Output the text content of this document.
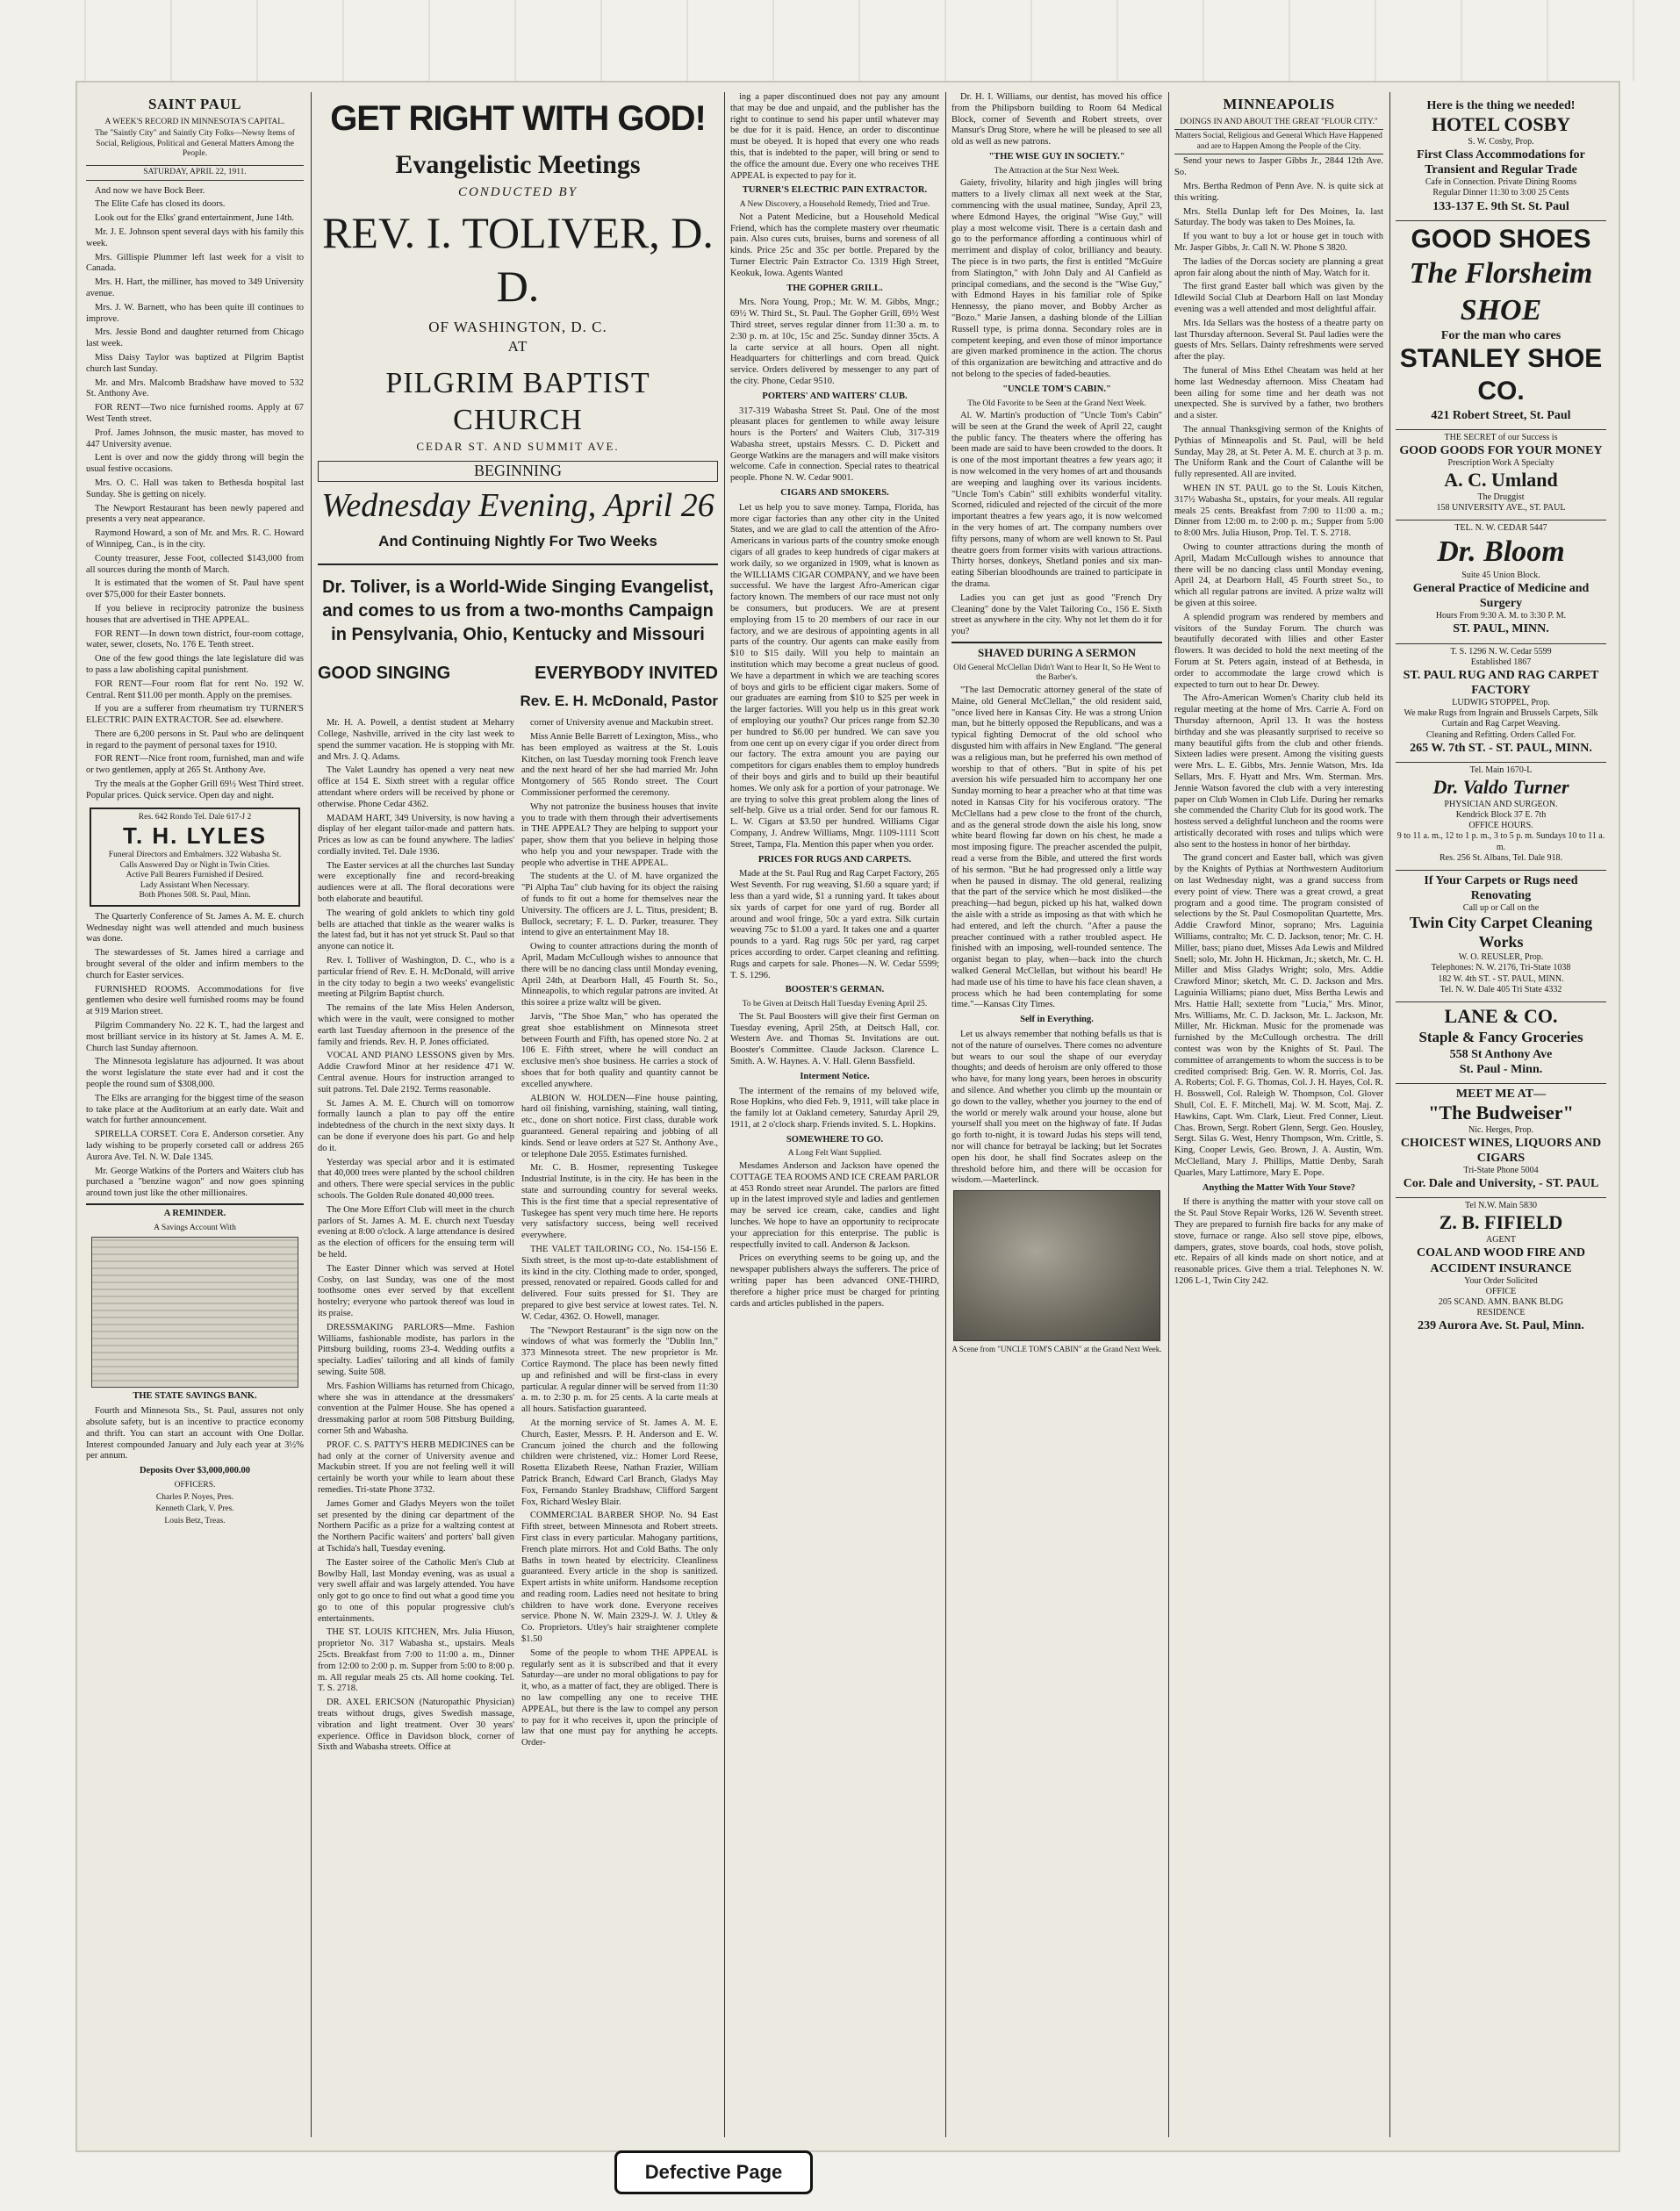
SAINT PAUL
A WEEK'S RECORD IN MINNESOTA'S CAPITAL.
The "Saintly City" and Saintly City Folks—Newsy Items of Social, Religious, Political and General Matters Among the People.
SATURDAY, APRIL 22, 1911.

And now we have Bock Beer.

The Elite Cafe has closed its doors.

Look out for the Elks' grand entertainment, June 14th.

Mr. J. E. Johnson spent several days with his family this week.

Mrs. Gillispie Plummer left last week for a visit to Canada.

Mrs. H. Hart, the milliner, has moved to 349 University avenue.

Mrs. J. W. Barnett, who has been quite ill continues to improve.

Mrs. Jessie Bond and daughter returned from Chicago last week.

Miss Daisy Taylor was baptized at Pilgrim Baptist church last Sunday.

Mr. and Mrs. Malcomb Bradshaw have moved to 532 St. Anthony Ave.

FOR RENT—Two nice furnished rooms. Apply at 67 West Tenth street.

Prof. James Johnson, the music master, has moved to 447 University avenue.

Lent is over and now the giddy throng will begin the usual festive occasions.

Mrs. O. C. Hall was taken to Bethesda hospital last Sunday. She is getting on nicely.

The Newport Restaurant has been newly papered and presents a very neat appearance.

Raymond Howard, a son of Mr. and Mrs. R. C. Howard of Winnipeg, Can., is in the city.

County treasurer, Jesse Foot, collected $143,000 from all sources during the month of March.

It is estimated that the women of St. Paul have spent over $75,000 for their Easter bonnets.

If you believe in reciprocity patronize the business houses that are advertised in THE APPEAL.

FOR RENT—In down town district, four-room cottage, water, sewer, closets, No. 176 E. Tenth street.

One of the few good things the late legislature did was to pass a law abolishing capital punishment.

FOR RENT—Four room flat for rent No. 192 W. Central. Rent $11.00 per month. Apply on the premises.

If you are a sufferer from rheumatism try TURNER'S ELECTRIC PAIN EXTRACTOR. See ad. elsewhere.

There are 6,200 persons in St. Paul who are delinquent in regard to the payment of personal taxes for 1910.

FOR RENT—Nice front room, furnished, man and wife or two gentlemen, apply at 265 St. Anthony Ave.

Try the meals at the Gopher Grill 69½ West Third street. Popular prices. Quick service. Open day and night.

Res. 642 Rondo Tel. Dale 617-J 2
T. H. LYLES
Funeral Directors and Embalmers. 322 Wabasha St.
Calls Answered Day or Night in Twin Cities.
Active Pall Bearers Furnished if Desired.
Lady Assistant When Necessary.
Both Phones 508. St. Paul, Minn.

The Quarterly Conference of St. James A. M. E. church Wednesday night was well attended and much business was done.

The stewardesses of St. James hired a carriage and brought several of the older and infirm members to the church for Easter services.

FURNISHED ROOMS. Accommodations for five gentlemen who desire well furnished rooms may be found at 919 Marion street.

Pilgrim Commandery No. 22 K. T., had the largest and most brilliant service in its history at St. James A. M. E. Church last Sunday afternoon.

The Minnesota legislature has adjourned. It was about the worst legislature the state ever had and it cost the people the round sum of $308,000.

The Elks are arranging for the biggest time of the season to take place at the Auditorium at an early date. Wait and watch for further announcement.

SPIRELLA CORSET. Cora E. Anderson corsetier. Any lady wishing to be properly corseted call or address 265 Aurora Ave. Tel. N. W. Dale 1345.

Mr. George Watkins of the Porters and Waiters club has purchased a "benzine wagon" and now goes spinning around town just like the other millionaires.

A REMINDER.
A Savings Account With
THE STATE SAVINGS BANK.

Fourth and Minnesota Sts., St. Paul, assures not only absolute safety, but is an incentive to practice economy and thrift. You can start an account with One Dollar. Interest compounded January and July each year at 3½% per annum.

Deposits Over $3,000,000.00
OFFICERS.
Charles P. Noyes, Pres.
Kenneth Clark, V. Pres.
Louis Betz, Treas.
GET RIGHT WITH GOD!
Evangelistic Meetings
CONDUCTED BY
REV. I. TOLIVER, D. D.
OF WASHINGTON, D. C.
AT
PILGRIM BAPTIST CHURCH
CEDAR ST. AND SUMMIT AVE.
BEGINNING
Wednesday Evening, April 26
And Continuing Nightly For Two Weeks
Dr. Toliver, is a World-Wide Singing Evangelist, and comes to us from a two-months Campaign in Pensylvania, Ohio, Kentucky and Missouri
GOOD SINGING	EVERYBODY INVITED
Rev. E. H. McDonald, Pastor

Mr. H. A. Powell, a dentist student at Meharry College, Nashville, arrived in the city last week to spend the summer vacation. He is stopping with Mr. and Mrs. J. Q. Adams.

The Valet Laundry has opened a very neat new office at 154 E. Sixth street with a regular office attendant where orders will be received by phone or otherwise. Phone Cedar 4362.

MADAM HART, 349 University, is now having a display of her elegant tailor-made and pattern hats. Prices as low as can be found anywhere. The ladies' cordially invited. Tel. Dale 1936.

The Easter services at all the churches last Sunday were exceptionally fine and record-breaking audiences were at all. The floral decorations were both elaborate and beautiful.

The wearing of gold anklets to which tiny gold bells are attached that tinkle as the wearer walks is the latest fad, but it has not yet struck St. Paul so that anyone can notice it.

Rev. I. Tolliver of Washington, D. C., who is a particular friend of Rev. E. H. McDonald, will arrive in the city today to begin a two weeks' evangelistic meeting at Pilgrim Baptist church.

The remains of the late Miss Helen Anderson, which were in the vault, were consigned to mother earth last Tuesday afternoon in the presence of the family and friends. Rev. H. P. Jones officiated.

VOCAL AND PIANO LESSONS given by Mrs. Addie Crawford Minor at her residence 471 W. Central avenue. Hours for instruction arranged to suit patrons. Tel. Dale 2192. Terms reasonable.

St. James A. M. E. Church will on tomorrow formally launch a plan to pay off the entire indebtedness of the church in the next sixty days. It can be done if everyone does his part. Go and help do it.

Yesterday was special arbor and it is estimated that 40,000 trees were planted by the school children and others. There were special services in the public schools. The Golden Rule donated 40,000 trees.

The One More Effort Club will meet in the church parlors of St. James A. M. E. church next Tuesday evening at 8:00 o'clock. A large attendance is desired as the election of officers for the ensuing term will be held.

The Easter Dinner which was served at Hotel Cosby, on last Sunday, was one of the most toothsome ones ever served by that excellent hostelry; everyone who partook thereof was loud in its praise.

DRESSMAKING PARLORS—Mme. Fashion Williams, fashionable modiste, has parlors in the Pittsburg building, rooms 23-4. Wedding outfits a specialty. Ladies' tailoring and all kinds of family sewing. Suite 508.

Mrs. Fashion Williams has returned from Chicago, where she was in attendance at the dressmakers' convention at the Palmer House. She has opened a dressmaking parlor at room 508 Pittsburg Building, corner 5th and Wabasha.

PROF. C. S. PATTY'S HERB MEDICINES can be had only at the corner of University avenue and Mackubin street. If you are not feeling well it will certainly be worth your while to learn about these remedies. Tri-state Phone 3732.

James Gomer and Gladys Meyers won the toilet set presented by the dining car department of the Northern Pacific as a prize for a waltzing contest at the Northern Pacific waiters' and porters' ball given at Tschida's hall, Tuesday evening.

The Easter soiree of the Catholic Men's Club at Bowlby Hall, last Monday evening, was as usual a very swell affair and was largely attended. You have only got to go once to find out what a good time you go to one of this popular progressive club's entertainments.

THE ST. LOUIS KITCHEN, Mrs. Julia Hiuson, proprietor No. 317 Wabasha st., upstairs. Meals 25cts. Breakfast from 7:00 to 11:00 a. m., Dinner from 12:00 to 2:00 p. m. Supper from 5:00 to 8:00 p. m. All regular meals 25 cts. All home cooking. Tel. T. S. 2718.

DR. AXEL ERICSON (Naturopathic Physician) treats without drugs, gives Swedish massage, vibration and light treatment. Over 30 years' experience. Office in Davidson block, corner of Sixth and Wabasha streets. Office at

corner of University avenue and Mackubin street.

Miss Annie Belle Barrett of Lexington, Miss., who has been employed as waitress at the St. Louis Kitchen, on last Tuesday morning took French leave and the next heard of her she had married Mr. John Montgomery of 565 Rondo street. The Court Commissioner performed the ceremony.

Why not patronize the business houses that invite you to trade with them through their advertisements in THE APPEAL? They are helping to support your paper, show them that you believe in helping those who help you and your newspaper. Trade with the people who advertise in THE APPEAL.

The students at the U. of M. have organized the "Pi Alpha Tau" club having for its object the raising of funds to fit out a home for themselves near the University. The officers are J. L. Titus, president; B. Bullock, secretary; F. L. D. Parker, treasurer. They intend to give an entertainment May 18.

Owing to counter attractions during the month of April, Madam McCullough wishes to announce that there will be no dancing class until Monday evening, April 24th, at Dearborn Hall, 45 Fourth St. So., Minneapolis, to which regular patrons are invited. At this soiree a prize waltz will be given.

Jarvis, "The Shoe Man," who has operated the great shoe establishment on Minnesota street between Fourth and Fifth, has opened store No. 2 at 106 E. Fifth street, where he will conduct an exclusive men's shoe business. He carries a stock of shoes that for both quality and quantity cannot be excelled anywhere.

ALBION W. HOLDEN—Fine house painting, hard oil finishing, varnishing, staining, wall tinting, etc., done on short notice. First class, durable work guaranteed. General repairing and jobbing of all kinds. Send or leave orders at 527 St. Anthony Ave., or telephone Dale 2055. Estimates furnished.

Mr. C. B. Hosmer, representing Tuskegee Industrial Institute, is in the city. He has been in the state and surrounding country for several weeks. This is the first time that a special representative of Tuskegee has spent very much time here. He reports very satisfactory success, being well received everywhere.

THE VALET TAILORING CO., No. 154-156 E. Sixth street, is the most up-to-date establishment of its kind in the city. Clothing made to order, sponged, pressed, renovated or repaired. Goods called for and delivered. Four suits pressed for $1. They are prepared to give best service at lowest rates. Tel. N. W. Cedar, 4362. O. Howell, manager.

The "Newport Restaurant" is the sign now on the windows of what was formerly the "Dublin Inn," 373 Minnesota street. The new proprietor is Mr. Cortice Raymond. The place has been newly fitted up and refinished and will be first-class in every particular. A regular dinner will be served from 11:30 a. m. to 2:30 p. m. for 25 cents. A la carte meals at all hours. Satisfaction guaranteed.

At the morning service of St. James A. M. E. Church, Easter, Messrs. P. H. Anderson and E. W. Crancum joined the church and the following children were christened, viz.: Homer Lord Reese, Rosetta Elizabeth Reese, Nathan Frazier, William Patrick Branch, Edward Carl Branch, Gladys May Fox, Fernando Stanley Bradshaw, Clifford Sargent Fox, Richard Wesley Blair.

COMMERCIAL BARBER SHOP. No. 94 East Fifth street, between Minnesota and Robert streets. First class in every particular. Mahogany partitions, French plate mirrors. Hot and Cold Baths. The only Baths in town heated by electricity. Cleanliness guaranteed. Every article in the shop is sanitized. Expert artists in white uniform. Handsome reception and reading room. Ladies need not hesitate to bring children to have work done. Everyone receives service. Phone N. W. Main 2329-J. W. J. Utley & Co. Proprietors. Utley's hair straightener complete $1.50

Some of the people to whom THE APPEAL is regularly sent as it is subscribed and that it every Saturday—are under no moral obligations to pay for it, who, as a matter of fact, they are obliged. There is no law compelling any one to receive THE APPEAL, but there is the law to compel any person to pay for it who receives it, upon the principle of law that one must pay for anything he accepts. Order-

ing a paper discontinued does not pay any amount that may be due and unpaid, and the publisher has the right to continue to send his paper until whatever may be due for it is paid. Hence, an order to discontinue must be obeyed. It is hoped that every one who reads this, that is indebted to the paper, will bring or send to the office the amount due. Every one who receives THE APPEAL is expected to pay for it.

TURNER'S ELECTRIC PAIN EXTRACTOR.
A New Discovery, a Household Remedy, Tried and True.

Not a Patent Medicine, but a Household Medical Friend, which has the complete mastery over rheumatic pain. Also cures cuts, bruises, burns and soreness of all kinds. Price 25c and 35c per bottle. Prepared by the Turner Electric Pain Extractor Co. 1319 High Street, Keokuk, Iowa. Agents Wanted

THE GOPHER GRILL.

Mrs. Nora Young, Prop.; Mr. W. M. Gibbs, Mngr.; 69½ W. Third St., St. Paul. The Gopher Grill, 69½ West Third street, serves regular dinner from 11:30 a. m. to 2:30 p. m. at 10c, 15c and 25c. Sunday dinner 35cts. A la carte service at all hours. Open all night. Headquarters for chitterlings and corn bread. Quick service. Orders delivered by messenger to any part of the city. Phone, Cedar 9510.

PORTERS' AND WAITERS' CLUB.

317-319 Wabasha Street St. Paul. One of the most pleasant places for gentlemen to while away leisure hours is the Porters' and Waiters Club, 317-319 Wabasha street, upstairs Messrs. C. D. Pickett and George Watkins are the managers and will make visitors welcome. Cafe in connection. Special rates to theatrical people. Phone N. W. Cedar 9001.

CIGARS AND SMOKERS.

Let us help you to save money. Tampa, Florida, has more cigar factories than any other city in the United States, and we are glad to call the attention of the Afro-Americans in various parts of the country smoke enough cigars of all grades to keep hundreds of cigar makers at work daily, so we organized in 1909, what is known as the WILLIAMS CIGAR COMPANY, and we have been successful. We have the largest Afro-American cigar factory known. The members of our race must not only be consumers, but producers. We are at present employing from 15 to 20 members of our race in our factory, and we are desirous of appointing agents in all parts of the country. Our agents can make easily from $10 to $15 daily. Will you help to maintain an institution which may become a great nucleus of good. We have a department in which we are teaching scores of boys and girls to be efficient cigar makers. Some of our graduates are earning from $10 to $25 per week in the larger factories. Will you help us in this great work of employing our youths? Our prices range from $2.30 per hundred to $6.00 per hundred. We can save you from one cent up on every cigar if you order direct from our factory. The extra amount you are paying our competitors for cigars enables them to employ hundreds of their boys and girls and to build up their beautiful homes. We only ask for a portion of your patronage. We are trying to solve this great problem along the lines of self-help. Give us a trial order. Send for our famous R. L. W. Cigars at $3.50 per hundred. Williams Cigar Company, J. Andrew Williams, Mngr. 1109-1111 Scott Street, Tampa, Fla. Mention this paper when you order.

PRICES FOR RUGS AND CARPETS.

Made at the St. Paul Rug and Rag Carpet Factory, 265 West Seventh. For rug weaving, $1.60 a square yard; if less than a yard wide, $1 a running yard. It takes about six yards of carpet for one yard of rug. Border all around and wool fringe, 50c a yard extra. Silk curtain weaving 75c to $1.00 a yard. It takes one and a quarter pounds to a yard. Rag rugs 50c per yard, rag carpet prices according to order. Carpet cleaning and refitting. Rugs and carpets for sale. Phones—N. W. Cedar 5599; T. S. 1296.

BOOSTER'S GERMAN.
To be Given at Deitsch Hall Tuesday Evening April 25.

The St. Paul Boosters will give their first German on Tuesday evening, April 25th, at Deitsch Hall, cor. Western Ave. and Thomas St. Invitations are out. Booster's Committee. Claude Jackson. Clarence L. Smith. A. W. Haynes. A. V. Hall. Glenn Bassfield.

Interment Notice.

The interment of the remains of my beloved wife, Rose Hopkins, who died Feb. 9, 1911, will take place in the family lot at Oakland cemetery, Saturday April 29, 1911, at 2 o'clock sharp. Friends invited. S. L. Hopkins.

SOMEWHERE TO GO.
A Long Felt Want Supplied.

Mesdames Anderson and Jackson have opened the COTTAGE TEA ROOMS AND ICE CREAM PARLOR at 453 Rondo street near Arundel. The parlors are fitted up in the latest improved style and ladies and gentlemen may be served ice cream, cake, candies and light lunches. We hope to have an opportunity to reciprocate your appreciation for this enterprise. The public is respectfully invited to call. Anderson & Jackson.

Prices on everything seems to be going up, and the newspaper publishers always the sufferers. The price of writing paper has been advanced ONE-THIRD, therefore a higher price must be charged for printing cards and articles published in the papers.

Dr. H. I. Williams, our dentist, has moved his office from the Philipsborn building to Room 64 Medical Block, corner of Seventh and Robert streets, over Mansur's Drug Store, where he will be pleased to see all old as well as new patrons.

"THE WISE GUY IN SOCIETY."
The Attraction at the Star Next Week.

Gaiety, frivolity, hilarity and high jingles will bring matters to a lively climax all next week at the Star, commencing with the usual matinee, Sunday, April 23, where Edmond Hayes, the original "Wise Guy," will play a most welcome visit. There is a certain dash and go to the performance affording a continuous whirl of merriment and display of color, brilliancy and beauty. The piece is in two parts, the first is entitled "McGuire from Slatington," with John Daly and Al Canfield as principal comedians, and the second is the "Wise Guy," with Edmond Hayes in his familiar role of Spike Hennessy, the piano mover, and Bobby Archer as "Bozo." Marie Jansen, a dashing blonde of the Lillian Russell type, is prima donna. Secondary roles are in competent keeping, and even those of minor importance are given marked prominence in the action. The chorus of this organization are bewitching and attractive and do not belong to the species of faded-beauties.

"UNCLE TOM'S CABIN."
The Old Favorite to be Seen at the Grand Next Week.

Al. W. Martin's production of "Uncle Tom's Cabin" will be seen at the Grand the week of April 22, caught the public fancy. The theaters where the offering has been made are said to have been crowded to the doors. It is one of the most important theatres a few years ago; it is now welcomed in the very homes of art and thousands are weeping and laughing over its various incidents. "Uncle Tom's Cabin" still exhibits wonderful vitality. Scorned, ridiculed and rejected of the circuit of the more important theatres a few years ago, it is now welcomed in the very homes of art. The company numbers over fifty persons, many of whom are well known to St. Paul theatre goers from former visits with various attractions. Thirty horses, donkeys, Shetland ponies and six man-eating Siberian bloodhounds are trained to participate in the drama.

Ladies you can get just as good "French Dry Cleaning" done by the Valet Tailoring Co., 156 E. Sixth street as anywhere in the city. Why not let them do it for you?

SHAVED DURING A SERMON
Old General McClellan Didn't Want to Hear It, So He Went to the Barber's.

"The last Democratic attorney general of the state of Maine, old General McClellan," the old resident said, "once lived here in Kansas City. He was a strong Union man, but he bitterly opposed the Republicans, and was a typical fighting Democrat of the old school who disgusted him with affairs in New England. "The general was a religious man, but he preferred his own method of worship to that of others. "But in spite of his pet aversion his wife persuaded him to accompany her one Sunday morning to hear a preacher who at that time was noted in Kansas City for his vociferous oratory. "The McClellans had a pew close to the front of the church, and as the general strode down the aisle his long, snow white beard flowing far down on his chest, he made a most imposing figure. The preacher ascended the pulpit, read a verse from the Bible, and uttered the first words of his sermon. "But he had progressed only a little way when he paused in dismay. The old general, realizing that the part of the service which he most disliked—the preaching—had begun, picked up his hat, walked down the aisle with a stride as imposing as that with which he had entered, and left the church. "After a pause the preacher continued with a rather troubled aspect. He finished with an imposing, well-rounded sentence. The organist began to play, when—back into the church walked General McClellan, but without his beard! He had made use of his time to have his face clean shaven, a process which he had been contemplating for some time."—Kansas City Times.

Self in Everything.

Let us always remember that nothing befalls us that is not of the nature of ourselves. There comes no adventure but wears to our soul the shape of our everyday thoughts; and deeds of heroism are only offered to those who have, for many long years, been heroes in obscurity and silence. And whether you climb up the mountain or go down to the valley, whether you journey to the end of the world or merely walk around your house, alone but yourself shall you meet on the highway of fate. If Judas go forth to-night, it is toward Judas his steps will tend, nor will chance for betrayal be lacking; but let Socrates open his door, he shall find Socrates asleep on the threshold before him, and there will be occasion for wisdom.—Maeterlinck.

A Scene from "UNCLE TOM'S CABIN" at the Grand Next Week.
MINNEAPOLIS
DOINGS IN AND ABOUT THE GREAT "FLOUR CITY."
Matters Social, Religious and General Which Have Happened and are to Happen Among the People of the City.

Send your news to Jasper Gibbs Jr., 2844 12th Ave. So.

Mrs. Bertha Redmon of Penn Ave. N. is quite sick at this writing.

Mrs. Stella Dunlap left for Des Moines, Ia. last Saturday. The body was taken to Des Moines, Ia.

If you want to buy a lot or house get in touch with Mr. Jasper Gibbs, Jr. Call N. W. Phone S 3820.

The ladies of the Dorcas society are planning a great apron fair along about the ninth of May. Watch for it.

The first grand Easter ball which was given by the Idlewild Social Club at Dearborn Hall on last Monday evening was a well attended and most delightful affair.

Mrs. Ida Sellars was the hostess of a theatre party on last Thursday afternoon. Several St. Paul ladies were the guests of Mrs. Sellars. Dainty refreshments were served after the play.

The funeral of Miss Ethel Cheatam was held at her home last Wednesday afternoon. Miss Cheatam had been ailing for some time and her death was not unexpected. She is survived by a father, two brothers and a sister.

The annual Thanksgiving sermon of the Knights of Pythias of Minneapolis and St. Paul, will be held Sunday, May 28, at St. Peter A. M. E. church at 3 p. m. The Uniform Rank and the Court of Calanthe will be fully represented. All are invited.

WHEN IN ST. PAUL go to the St. Louis Kitchen, 317½ Wabasha St., upstairs, for your meals. All regular meals 25 cents. Breakfast from 7:00 to 11:00 a. m.; Dinner from 12:00 m. to 2:00 p. m.; Supper from 5:00 to 8:00 Mrs. Julia Hiuson, Prop. Tel. T. S. 2718.

Owing to counter attractions during the month of April, Madam McCullough wishes to announce that there will be no dancing class until Monday evening, April 24, at Dearborn Hall, 45 Fourth street So., to which all regular patrons are invited. A prize waltz will be given at this soiree.

A splendid program was rendered by members and visitors of the Sunday Forum. The church was beautifully decorated with lilies and other Easter flowers. It was decided to hold the next meeting of the Forum at St. Peters again, instead of at Bethesda, in order to accommodate the large crowd which is expected to turn out to hear Dr. Dewey.

The Afro-American Women's Charity club held its regular meeting at the home of Mrs. Carrie A. Ford on Thursday afternoon, April 13. It was the hostess birthday and she was pleasantly surprised to receive so many beautiful gifts from the club and other friends. Sixteen ladies were present. Among the visiting guests were Mrs. L. E. Gibbs, Mrs. Jennie Watson, Mrs. Ida Sellars, Mrs. F. Hyatt and Mrs. Wm. Sterman. Mrs. Jennie Watson favored the club with a very interesting paper on Club Women in Club Life. During her remarks she commended the Charity Club for its good work. The hostess served a delightful luncheon and the rooms were artistically decorated with roses and tulips which were also sent to the hostess in honor of her birthday.

The grand concert and Easter ball, which was given by the Knights of Pythias at Northwestern Auditorium on last Wednesday night, was a grand success from every point of view. There was a great crowd, a great program and a good time. The program consisted of selections by the St. Paul Cosmopolitan Quartette, Mrs. Addie Crawford Minor, soprano; Mrs. Laguinia Williams, contralto; Mr. C. D. Jackson, tenor; Mr. C. H. Miller, bass; piano duet, Misses Ada Lewis and Mildred Snell; solo, Mr. John H. Hickman, Jr.; sketch, Mr. C. H. Miller and Miss Gladys Wright; solo, Mrs. Addie Crawford Minor; sketch, Mr. C. D. Jackson and Mrs. Laguinia Williams; piano duet, Miss Bertha Lewis and Mrs. Hattie Hall; sextette from "Lucia," Mrs. Minor, Mrs. Williams, Mr. C. D. Jackson, Mr. L. Jackson, Mr. Miller, Mr. Hickman. Music for the promenade was furnished by the McCullough orchestra. The drill contest was won by the Knights of St. Paul. The committee of arrangements to whom the success is to be credited comprised: Brig. Gen. W. R. Morris, Col. Jas. A. Roberts; Col. F. G. Thomas, Col. J. H. Hayes, Col. R. H. Bosswell, Col. Raleigh W. Thompson, Col. Glover Shull, Col. E. F. Mitchell, Maj. W. M. Scott, Maj. Z. Hawkins, Capt. Wm. Clark, Lieut. Fred Conner, Lieut. Chas. Brown, Sergt. Robert Glenn, Sergt. Geo. Housley, Sergt. Silas G. West, Henry Thompson, Wm. Crittle, S. King, Cooper Lewis, Geo. Brown, J. A. Austin, Wm. McClelland, Mary J. Phillips, Mattie Denby, Sarah Quarles, Mary Lattimore, Mary E. Pope.

Anything the Matter With Your Stove?

If there is anything the matter with your stove call on the St. Paul Stove Repair Works, 126 W. Seventh street. They are prepared to furnish fire backs for any make of stove, furnace or range. Also sell stove pipe, elbows, dampers, grates, stove boards, coal hods, stove polish, etc. Repairs of all kinds made on short notice, and at reasonable prices. Give them a trial. Telephones N. W. 1206 L-1, Twin City 242.

Here is the thing we needed!
HOTEL COSBY
S. W. Cosby, Prop.
First Class Accommodations for Transient and Regular Trade
Cafe in Connection. Private Dining Rooms
Regular Dinner 11:30 to 3:00 25 Cents
133-137 E. 9th St. St. Paul
GOOD SHOES
The Florsheim SHOE
For the man who cares
STANLEY SHOE CO.
421 Robert Street, St. Paul
THE SECRET of our Success is
GOOD GOODS FOR YOUR MONEY
Prescription Work A Specialty
A. C. Umland
The Druggist
158 UNIVERSITY AVE., ST. PAUL
TEL. N. W. CEDAR 5447
Dr. Bloom
Suite 45 Union Block.
General Practice of Medicine and Surgery
Hours From 9:30 A. M. to 3:30 P. M.
ST. PAUL, MINN.
T. S. 1296 N. W. Cedar 5599
Established 1867
ST. PAUL RUG AND RAG CARPET FACTORY
LUDWIG STOPPEL, Prop.
We make Rugs from Ingrain and Brussels Carpets, Silk Curtain and Rag Carpet Weaving.
Cleaning and Refitting. Orders Called For.
265 W. 7th ST. - ST. PAUL, MINN.
Tel. Main 1670-L
Dr. Valdo Turner
PHYSICIAN AND SURGEON.
Kendrick Block 37 E. 7th
OFFICE HOURS.
9 to 11 a. m., 12 to 1 p. m., 3 to 5 p. m. Sundays 10 to 11 a. m.
Res. 256 St. Albans, Tel. Dale 918.
If Your Carpets or Rugs need Renovating
Call up or Call on the
Twin City Carpet Cleaning Works
W. O. REUSLER, Prop.
Telephones: N. W. 2176, Tri-State 1038
182 W. 4th ST. - ST. PAUL, MINN.
Tel. N. W. Dale 405 Tri State 4332
LANE & CO.
Staple & Fancy Groceries
558 St Anthony Ave
St. Paul - Minn.
MEET ME AT—
"The Budweiser"
Nic. Herges, Prop.
CHOICEST WINES, LIQUORS AND CIGARS
Tri-State Phone 5004
Cor. Dale and University, - ST. PAUL
Tel N.W. Main 5830
Z. B. FIFIELD
AGENT
COAL AND WOOD FIRE AND ACCIDENT INSURANCE
Your Order Solicited
OFFICE
205 SCAND. AMN. BANK BLDG
RESIDENCE
239 Aurora Ave. St. Paul, Minn.
Defective Page
